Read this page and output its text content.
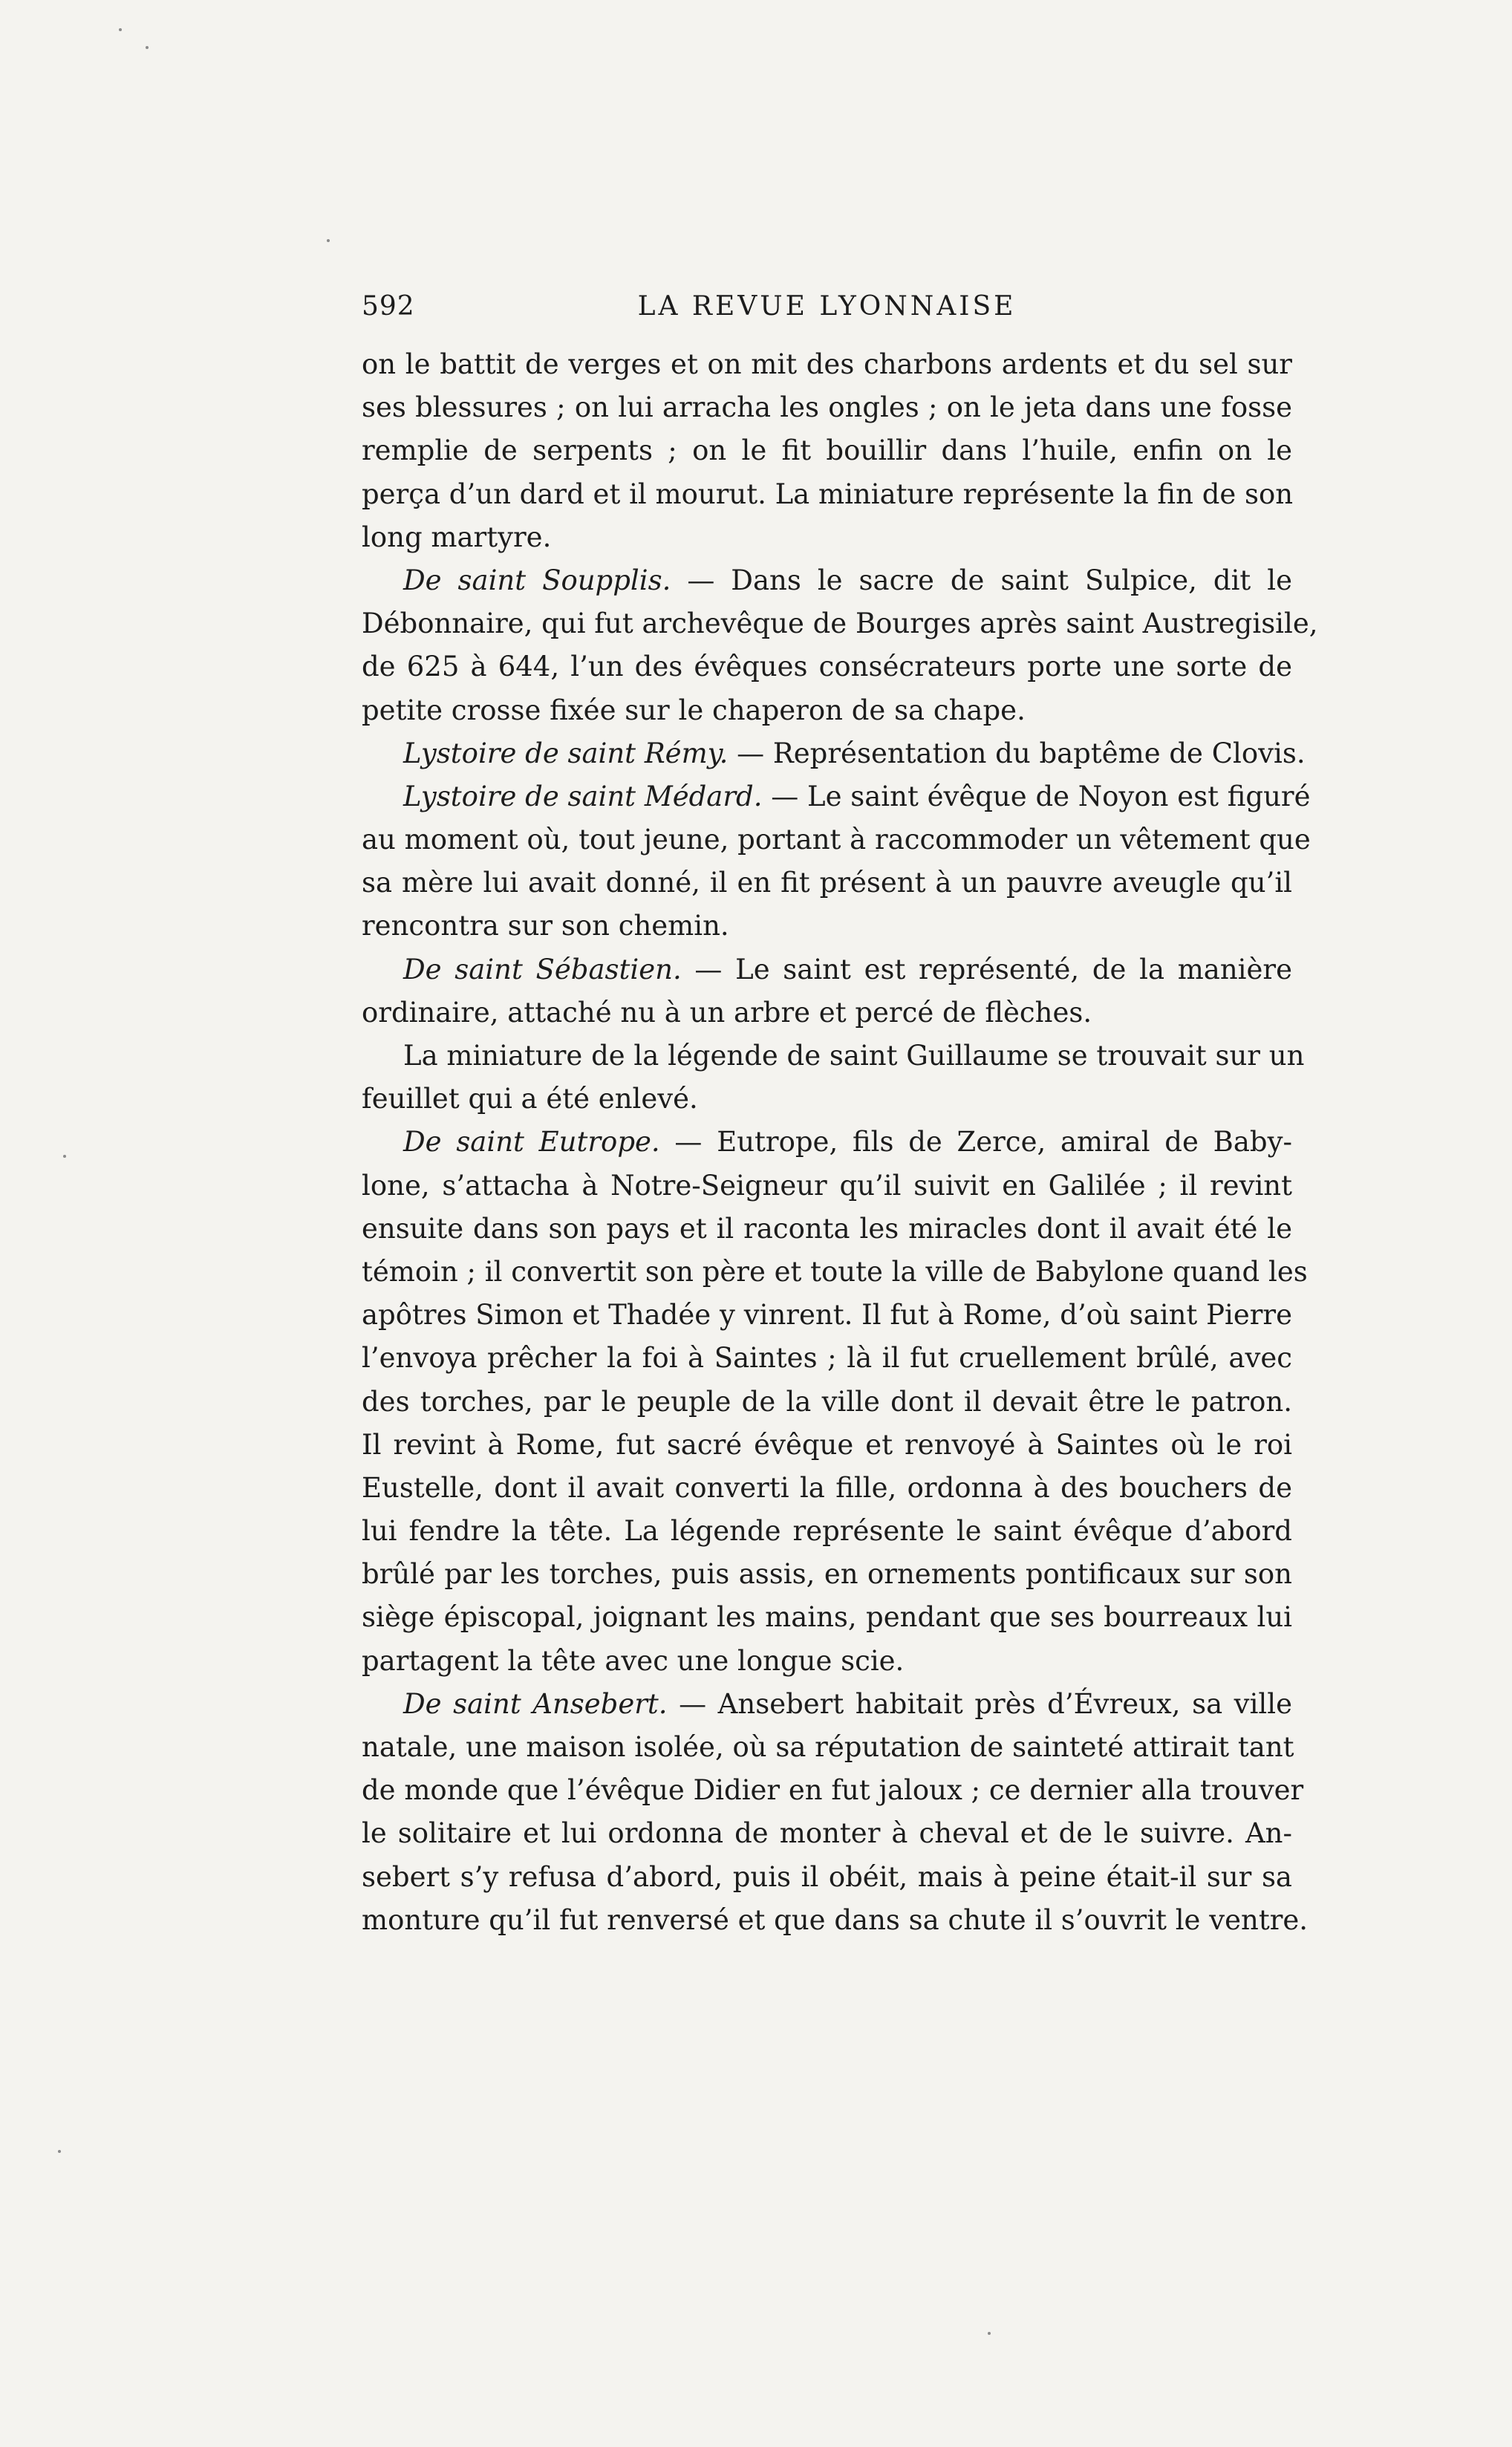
592	LA REVUE LYONNAISE
on le battit de verges et on mit des charbons ardents et du sel sur
ses blessures ; on lui arracha les ongles ; on le jeta dans une fosse
remplie de serpents ; on le fit bouillir dans l’huile, enfin on le
perça d’un dard et il mourut. La miniature représente la fin de son
long martyre.
De saint Soupplis. — Dans le sacre de saint Sulpice, dit le
Débonnaire, qui fut archevêque de Bourges après saint Austregisile,
de 625 à 644, l’un des évêques consécrateurs porte une sorte de
petite crosse fixée sur le chaperon de sa chape.
Lystoire de saint Rémy. — Représentation du baptême de Clovis.
Lystoire de saint Médard. — Le saint évêque de Noyon est figuré
au moment où, tout jeune, portant à raccommoder un vêtement que
sa mère lui avait donné, il en fit présent à un pauvre aveugle qu’il
rencontra sur son chemin.
De saint Sébastien. — Le saint est représenté, de la manière
ordinaire, attaché nu à un arbre et percé de flèches.
La miniature de la légende de saint Guillaume se trouvait sur un
feuillet qui a été enlevé.
De saint Eutrope. — Eutrope, fils de Zerce, amiral de Baby-
lone, s’attacha à Notre-Seigneur qu’il suivit en Galilée ; il revint
ensuite dans son pays et il raconta les miracles dont il avait été le
témoin ; il convertit son père et toute la ville de Babylone quand les
apôtres Simon et Thadée y vinrent. Il fut à Rome, d’où saint Pierre
l’envoya prêcher la foi à Saintes ; là il fut cruellement brûlé, avec
des torches, par le peuple de la ville dont il devait être le patron.
Il revint à Rome, fut sacré évêque et renvoyé à Saintes où le roi
Eustelle, dont il avait converti la fille, ordonna à des bouchers de
lui fendre la tête. La légende représente le saint évêque d’abord
brûlé par les torches, puis assis, en ornements pontificaux sur son
siège épiscopal, joignant les mains, pendant que ses bourreaux lui
partagent la tête avec une longue scie.
De saint Ansebert. — Ansebert habitait près d’Évreux, sa ville
natale, une maison isolée, où sa réputation de sainteté attirait tant
de monde que l’évêque Didier en fut jaloux ; ce dernier alla trouver
le solitaire et lui ordonna de monter à cheval et de le suivre. An-
sebert s’y refusa d’abord, puis il obéit, mais à peine était-il sur sa
monture qu’il fut renversé et que dans sa chute il s’ouvrit le ventre.
